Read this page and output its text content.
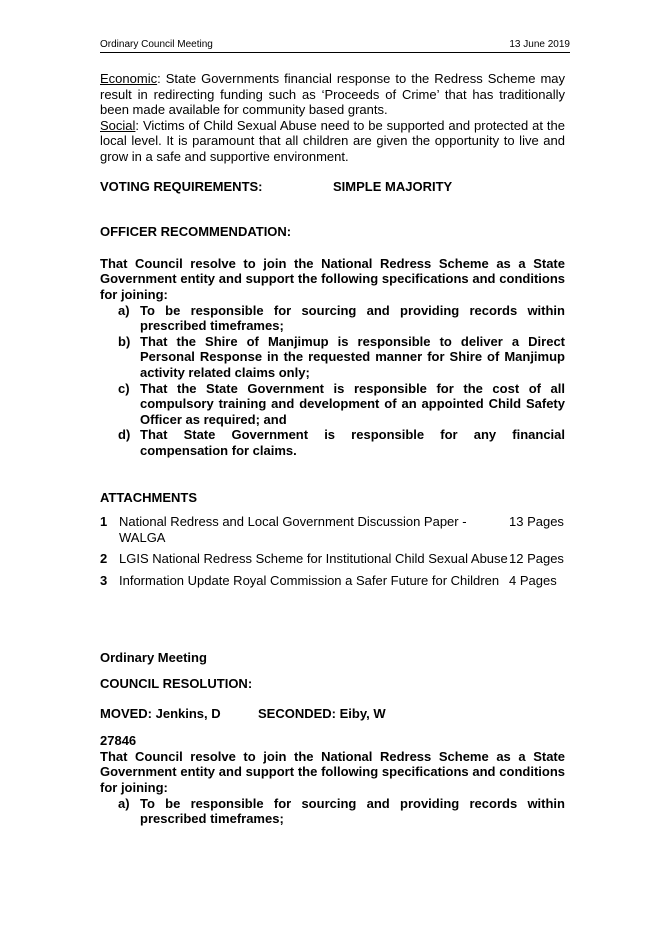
Ordinary Council Meeting	13 June 2019

Economic: State Governments financial response to the Redress Scheme may result in redirecting funding such as ‘Proceeds of Crime’ that has traditionally been made available for community based grants.

Social: Victims of Child Sexual Abuse need to be supported and protected at the local level. It is paramount that all children are given the opportunity to live and grow in a safe and supportive environment.

VOTING REQUIREMENTS:	SIMPLE MAJORITY

OFFICER RECOMMENDATION:

That Council resolve to join the National Redress Scheme as a State Government entity and support the following specifications and conditions for joining:

a) To be responsible for sourcing and providing records within prescribed timeframes;
b) That the Shire of Manjimup is responsible to deliver a Direct Personal Response in the requested manner for Shire of Manjimup activity related claims only;
c) That the State Government is responsible for the cost of all compulsory training and development of an appointed Child Safety Officer as required; and
d) That State Government is responsible for any financial compensation for claims.

ATTACHMENTS

1 National Redress and Local Government Discussion Paper - WALGA
13 Pages
2 LGIS National Redress Scheme for Institutional Child Sexual Abuse 12 Pages
3 Information Update Royal Commission a Safer Future for Children 4 Pages

Ordinary Meeting

COUNCIL RESOLUTION:

MOVED: Jenkins, D	SECONDED: Eiby, W

27846

That Council resolve to join the National Redress Scheme as a State Government entity and support the following specifications and conditions for joining:

a) To be responsible for sourcing and providing records within prescribed timeframes;
